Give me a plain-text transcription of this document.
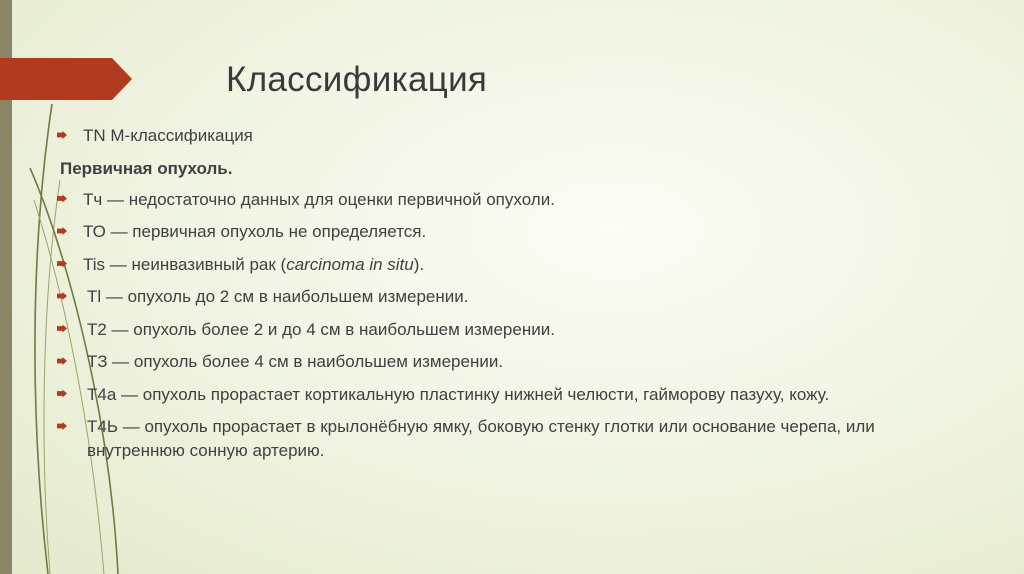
Классификация
TN M-классификация
Первичная опухоль.
Тч — недостаточно данных для оценки первичной опухоли.
ТО — первичная опухоль не определяется.
Tis — неинвазивный рак (carcinoma in situ).
Tl — опухоль до 2 см в наибольшем измерении.
Т2 — опухоль более 2 и до 4 см в наибольшем измерении.
ТЗ — опухоль более 4 см в наибольшем измерении.
Т4а — опухоль прорастает кортикальную пластинку нижней челюсти, гайморову пазуху, кожу.
Т4Ь — опухоль прорастает в крылонёбную ямку, боковую стенку глотки или основание черепа, или внутреннюю сонную артерию.
